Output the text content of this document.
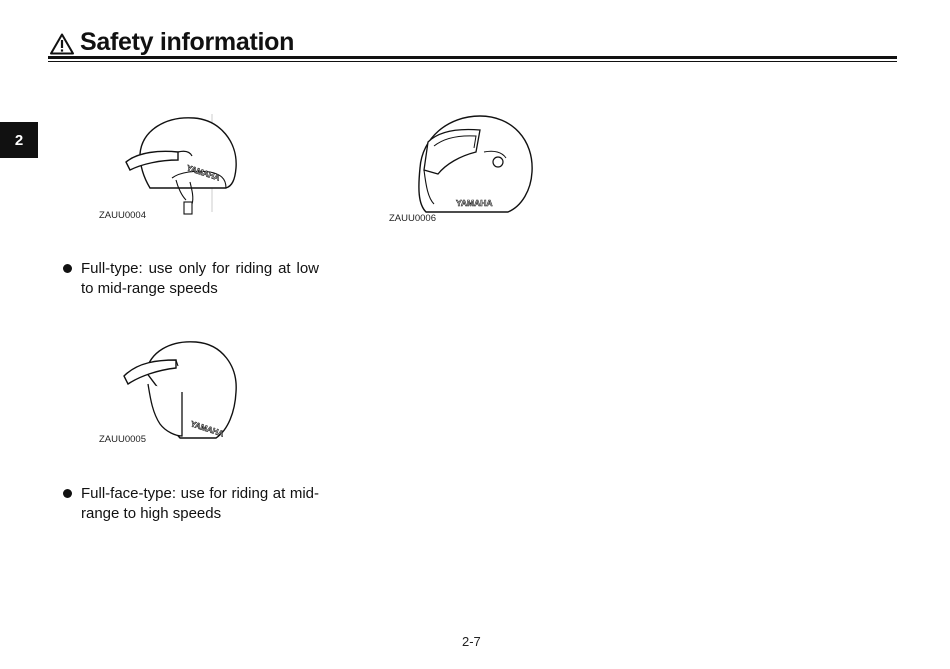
Safety information
2
YAMAHA
ZAUU0004
YAMAHA
ZAUU0006
YAMAHA
ZAUU0005
Full-type: use only for riding at low to mid-range speeds
Full-face-type: use for riding at mid-range to high speeds
2-7
